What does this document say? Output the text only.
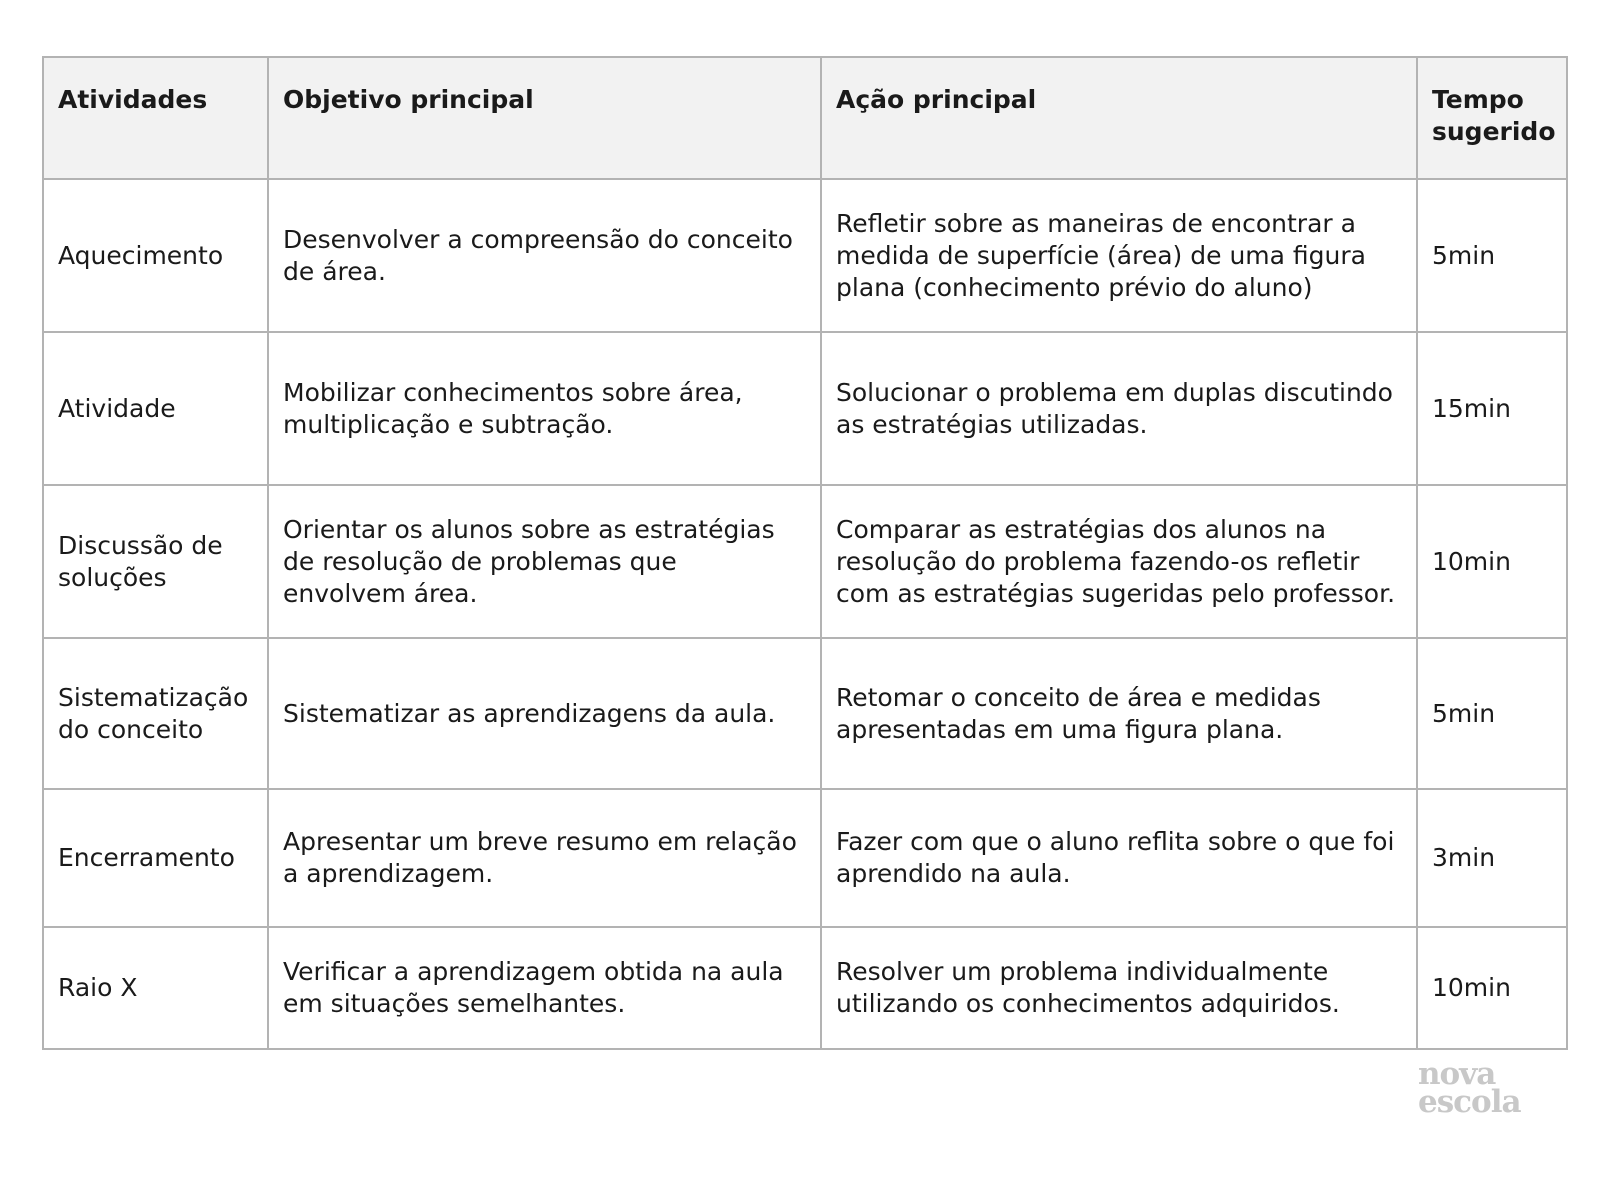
Atividades	Objetivo principal	Ação principal	Tempo sugerido
Aquecimento	Desenvolver a compreensão do conceito de área.	Refletir sobre as maneiras de encontrar a medida de superfície (área) de uma figura plana (conhecimento prévio do aluno)	5min
Atividade	Mobilizar conhecimentos sobre área, multiplicação e subtração.	Solucionar o problema em duplas discutindo as estratégias utilizadas.	15min
Discussão de soluções	Orientar os alunos sobre as estratégias de resolução de problemas que envolvem área.	Comparar as estratégias dos alunos na resolução do problema fazendo-os refletir com as estratégias sugeridas pelo professor.	10min
Sistematização do conceito	Sistematizar as aprendizagens da aula.	Retomar o conceito de área e medidas apresentadas em uma figura plana.	5min
Encerramento	Apresentar um breve resumo em relação a aprendizagem.	Fazer com que o aluno reflita sobre o que foi aprendido na aula.	3min
Raio X	Verificar a aprendizagem obtida na aula em situações semelhantes.	Resolver um problema individualmente utilizando os conhecimentos adquiridos.	10min
nova
escola
